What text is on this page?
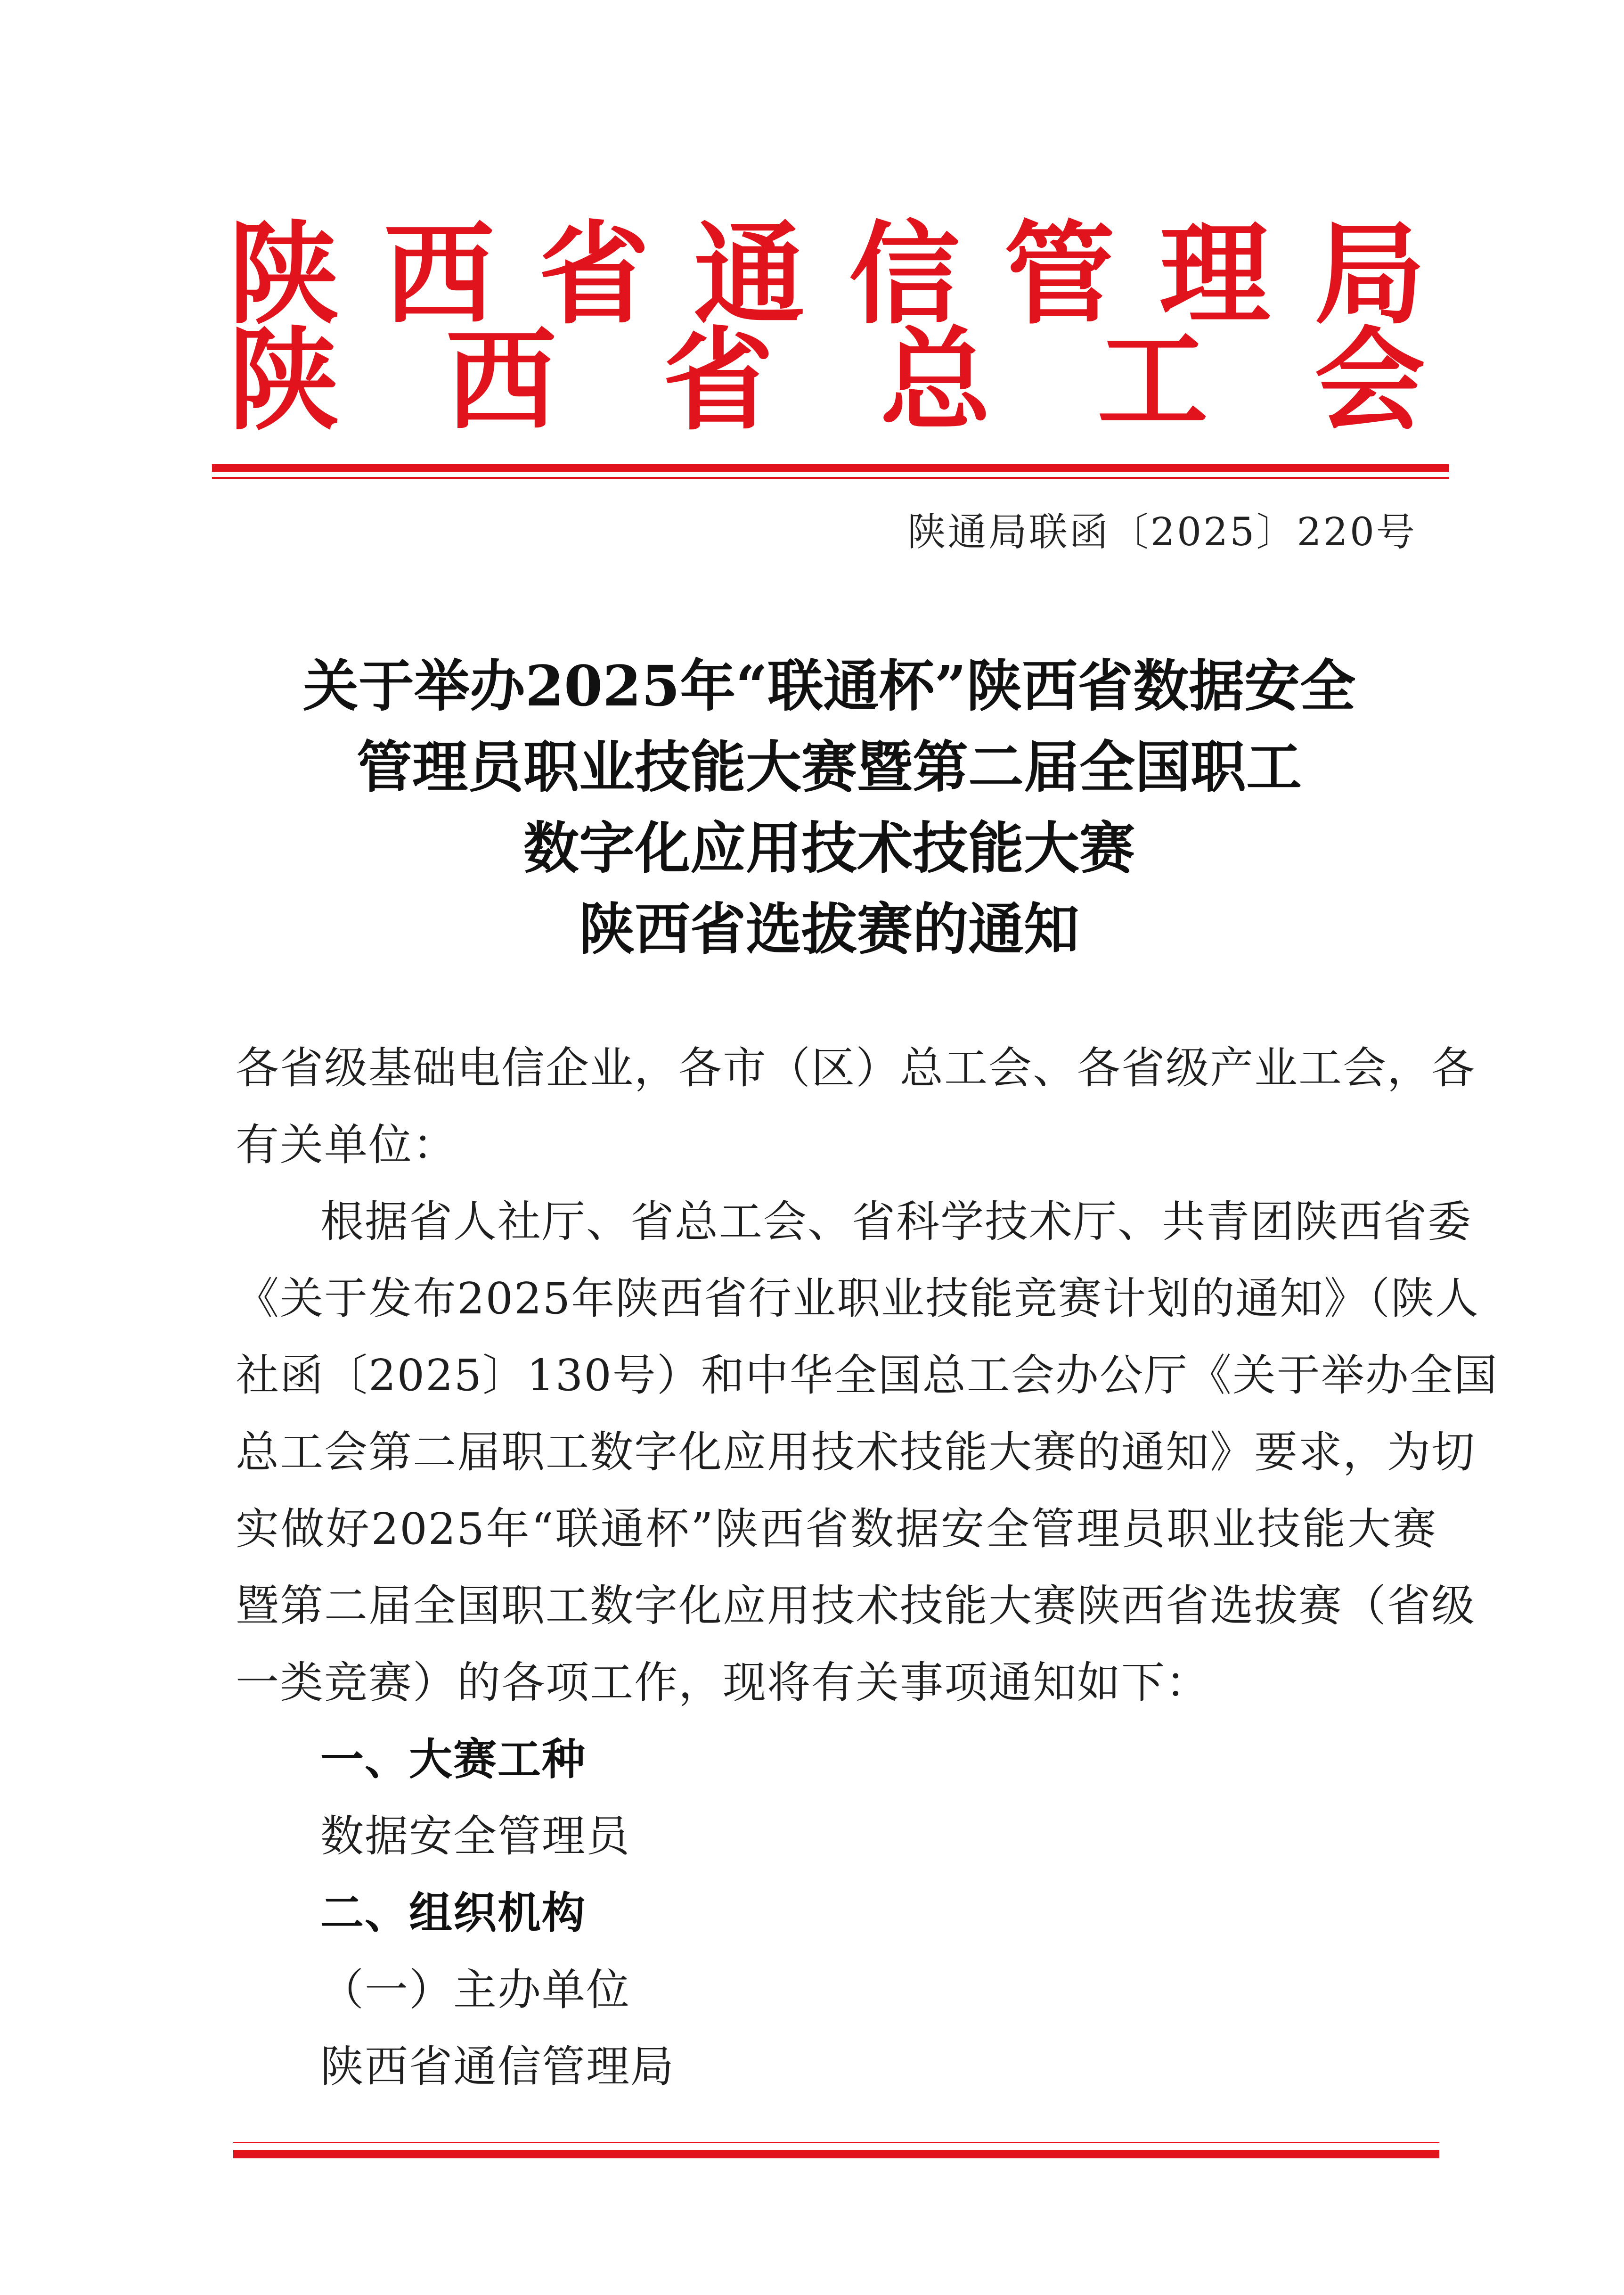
陕 西 省 通 信 管 理 局
陕 西 省 总 工 会
陕通局联函〔2025〕220号
关于举办2025年“联通杯”陕西省数据安全
管理员职业技能大赛暨第二届全国职工
数字化应用技术技能大赛
陕西省选拔赛的通知
各省级基础电信企业，各市（区）总工会、各省级产业工会，各
有关单位：
根据省人社厅、省总工会、省科学技术厅、共青团陕西省委
《关于发布2025年陕西省行业职业技能竞赛计划的通知》（陕人
社函〔2025〕130号）和中华全国总工会办公厅《关于举办全国
总工会第二届职工数字化应用技术技能大赛的通知》要求，为切
实做好2025年“联通杯”陕西省数据安全管理员职业技能大赛
暨第二届全国职工数字化应用技术技能大赛陕西省选拔赛（省级
一类竞赛）的各项工作，现将有关事项通知如下：
一、大赛工种
数据安全管理员
二、组织机构
（一）主办单位
陕西省通信管理局
